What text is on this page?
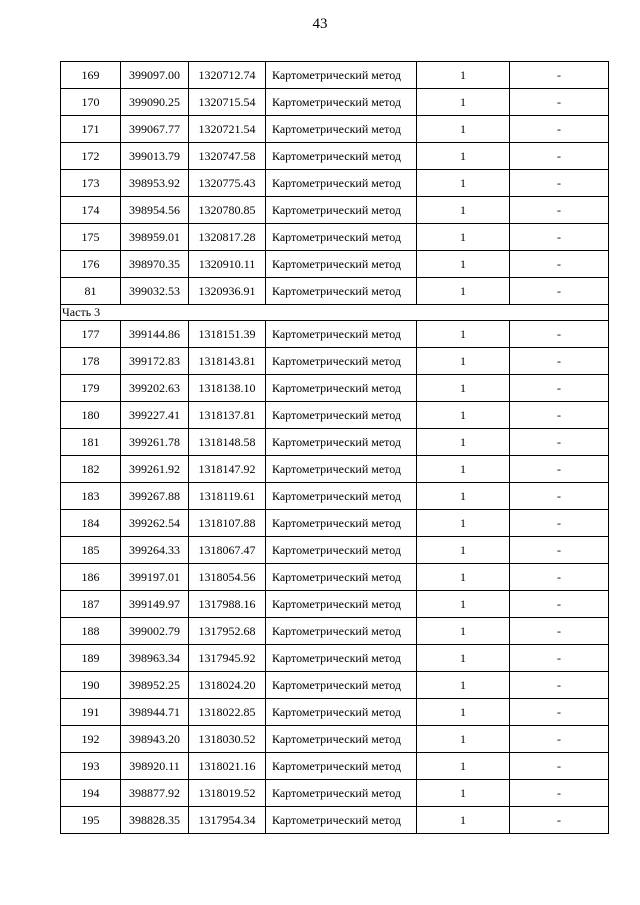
43
169	399097.00	1320712.74	Картометрический метод	1	-
170	399090.25	1320715.54	Картометрический метод	1	-
171	399067.77	1320721.54	Картометрический метод	1	-
172	399013.79	1320747.58	Картометрический метод	1	-
173	398953.92	1320775.43	Картометрический метод	1	-
174	398954.56	1320780.85	Картометрический метод	1	-
175	398959.01	1320817.28	Картометрический метод	1	-
176	398970.35	1320910.11	Картометрический метод	1	-
81	399032.53	1320936.91	Картометрический метод	1	-
Часть 3					
177	399144.86	1318151.39	Картометрический метод	1	-
178	399172.83	1318143.81	Картометрический метод	1	-
179	399202.63	1318138.10	Картометрический метод	1	-
180	399227.41	1318137.81	Картометрический метод	1	-
181	399261.78	1318148.58	Картометрический метод	1	-
182	399261.92	1318147.92	Картометрический метод	1	-
183	399267.88	1318119.61	Картометрический метод	1	-
184	399262.54	1318107.88	Картометрический метод	1	-
185	399264.33	1318067.47	Картометрический метод	1	-
186	399197.01	1318054.56	Картометрический метод	1	-
187	399149.97	1317988.16	Картометрический метод	1	-
188	399002.79	1317952.68	Картометрический метод	1	-
189	398963.34	1317945.92	Картометрический метод	1	-
190	398952.25	1318024.20	Картометрический метод	1	-
191	398944.71	1318022.85	Картометрический метод	1	-
192	398943.20	1318030.52	Картометрический метод	1	-
193	398920.11	1318021.16	Картометрический метод	1	-
194	398877.92	1318019.52	Картометрический метод	1	-
195	398828.35	1317954.34	Картометрический метод	1	-
